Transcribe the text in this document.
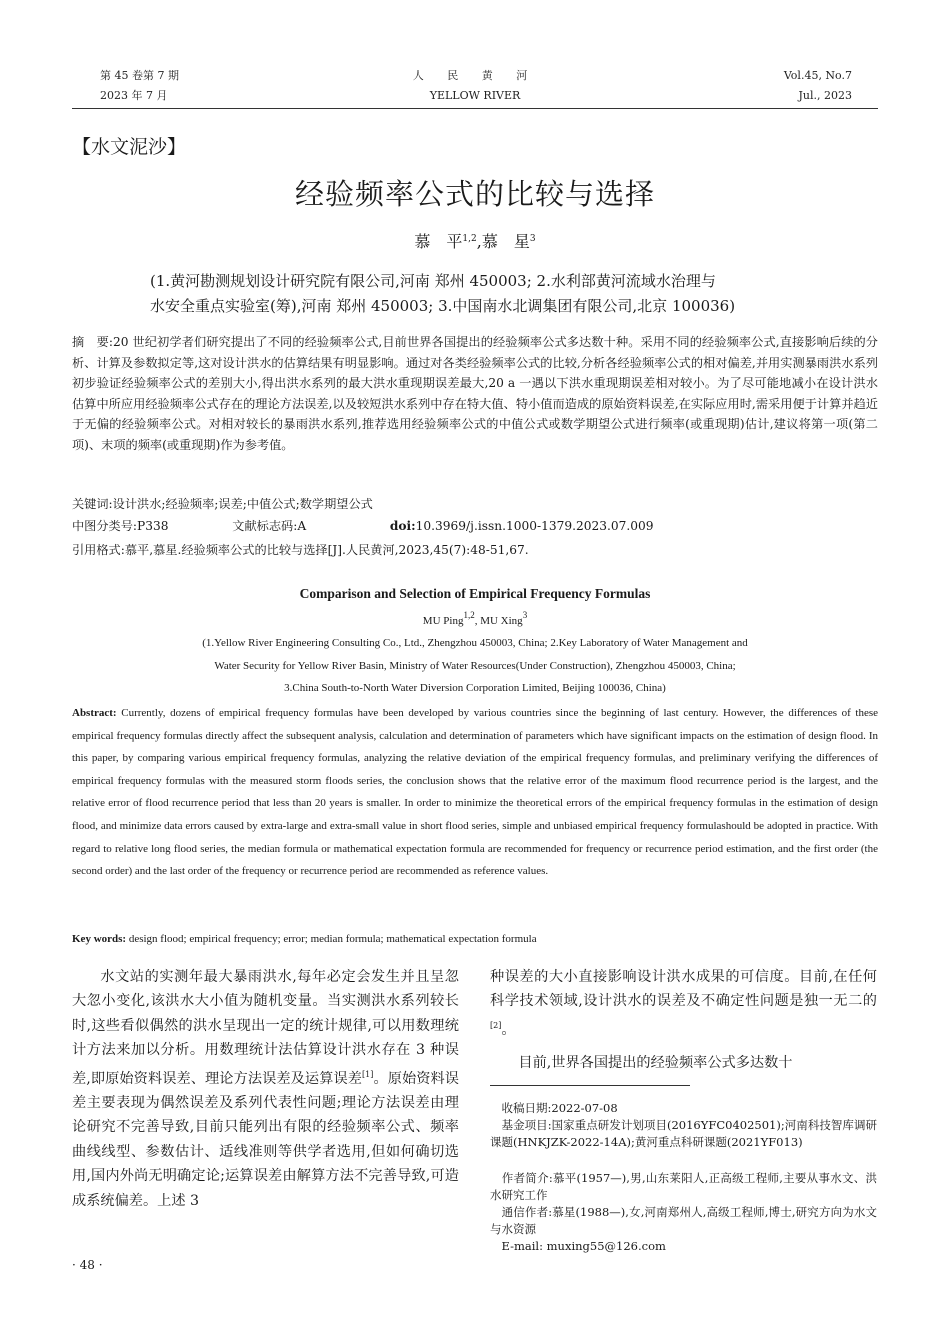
第 45 卷第 7 期
2023 年 7 月
人 民 黄 河
YELLOW RIVER
Vol.45, No.7
Jul., 2023
【水文泥沙】
经验频率公式的比较与选择
慕　平$^{1,2}$,慕　星$^3$
(1.黄河勘测规划设计研究院有限公司,河南 郑州 450003; 2.水利部黄河流域水治理与
水安全重点实验室(筹),河南 郑州 450003; 3.中国南水北调集团有限公司,北京 100036)
摘　要:20 世纪初学者们研究提出了不同的经验频率公式,目前世界各国提出的经验频率公式多达数十种。采用不同的经验频率公式,直接影响后续的分析、计算及参数拟定等,这对设计洪水的估算结果有明显影响。通过对各类经验频率公式的比较,分析各经验频率公式的相对偏差,并用实测暴雨洪水系列初步验证经验频率公式的差别大小,得出洪水系列的最大洪水重现期误差最大,20 a 一遇以下洪水重现期误差相对较小。为了尽可能地减小在设计洪水估算中所应用经验频率公式存在的理论方法误差,以及较短洪水系列中存在特大值、特小值而造成的原始资料误差,在实际应用时,需采用便于计算并趋近于无偏的经验频率公式。对相对较长的暴雨洪水系列,推荐选用经验频率公式的中值公式或数学期望公式进行频率(或重现期)估计,建议将第一项(第二项)、末项的频率(或重现期)作为参考值。
关键词:设计洪水;经验频率;误差;中值公式;数学期望公式
中图分类号:P338	文献标志码:A	doi:10.3969/j.issn.1000-1379.2023.07.009
引用格式:慕平,慕星.经验频率公式的比较与选择[J].人民黄河,2023,45(7):48-51,67.
Comparison and Selection of Empirical Frequency Formulas
MU Ping$^{1,2}$, MU Xing$^3$
(1.Yellow River Engineering Consulting Co., Ltd., Zhengzhou 450003, China; 2.Key Laboratory of Water Management and
Water Security for Yellow River Basin, Ministry of Water Resources(Under Construction), Zhengzhou 450003, China;
3.China South-to-North Water Diversion Corporation Limited, Beijing 100036, China)
Abstract: Currently, dozens of empirical frequency formulas have been developed by various countries since the beginning of last century. However, the differences of these empirical frequency formulas directly affect the subsequent analysis, calculation and determination of parameters which have significant impacts on the estimation of design flood. In this paper, by comparing various empirical frequency formulas, analyzing the relative deviation of the empirical frequency formulas, and preliminary verifying the differences of empirical frequency formulas with the measured storm floods series, the conclusion shows that the relative error of the maximum flood recurrence period is the largest, and the relative error of flood recurrence period that less than 20 years is smaller. In order to minimize the theoretical errors of the empirical frequency formulas in the estimation of design flood, and minimize data errors caused by extra-large and extra-small value in short flood series, simple and unbiased empirical frequency formulashould be adopted in practice. With regard to relative long flood series, the median formula or mathematical expectation formula are recommended for frequency or recurrence period estimation, and the first order (the second order) and the last order of the frequency or recurrence period are recommended as reference values.
Key words: design flood; empirical frequency; error; median formula; mathematical expectation formula
水文站的实测年最大暴雨洪水,每年必定会发生并且呈忽大忽小变化,该洪水大小值为随机变量。当实测洪水系列较长时,这些看似偶然的洪水呈现出一定的统计规律,可以用数理统计方法来加以分析。用数理统计法估算设计洪水存在 3 种误差,即原始资料误差、理论方法误差及运算误差[1]。原始资料误差主要表现为偶然误差及系列代表性问题;理论方法误差由理论研究不完善导致,目前只能列出有限的经验频率公式、频率曲线线型、参数估计、适线准则等供学者选用,但如何确切选用,国内外尚无明确定论;运算误差由解算方法不完善导致,可造成系统偏差。上述 3
种误差的大小直接影响设计洪水成果的可信度。目前,在任何科学技术领域,设计洪水的误差及不确定性问题是独一无二的[2]。
目前,世界各国提出的经验频率公式多达数十
收稿日期:2022-07-08
基金项目:国家重点研发计划项目(2016YFC0402501);河南科技智库调研课题(HNKJZK-2022-14A);黄河重点科研课题(2021YF013)
作者简介:慕平(1957—),男,山东莱阳人,正高级工程师,主要从事水文、洪水研究工作
通信作者:慕星(1988—),女,河南郑州人,高级工程师,博士,研究方向为水文与水资源
E-mail: muxing55@126.com
· 48 ·
